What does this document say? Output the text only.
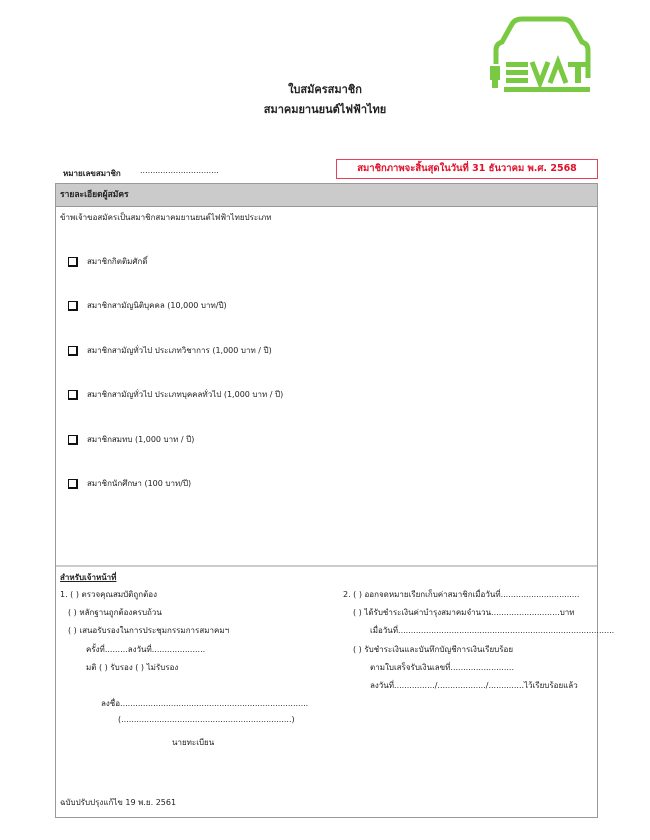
ใบสมัครสมาชิก
สมาคมยานยนต์ไฟฟ้าไทย
หมายเลขสมาชิก ...............................	สมาชิกภาพจะสิ้นสุดในวันที่ 31 ธันวาคม พ.ศ. 2568
รายละเอียดผู้สมัคร
ข้าพเจ้าขอสมัครเป็นสมาชิกสมาคมยานยนต์ไฟฟ้าไทยประเภท
สมาชิกกิตติมศักดิ์
สมาชิกสามัญนิติบุคคล (10,000 บาท/ปี)
สมาชิกสามัญทั่วไป ประเภทวิชาการ (1,000 บาท / ปี)
สมาชิกสามัญทั่วไป ประเภทบุคคลทั่วไป (1,000 บาท / ปี)
สมาชิกสมทบ (1,000 บาท / ปี)
สมาชิกนักศึกษา (100 บาท/ปี)
สำหรับเจ้าหน้าที่
1. ( ) ตรวจคุณสมบัติถูกต้อง
( ) หลักฐานถูกต้องครบถ้วน
( ) เสนอรับรองในการประชุมกรรมการสมาคมฯ
ครั้งที่.........ลงวันที่.....................
มติ ( ) รับรอง ( ) ไม่รับรอง
ลงชื่อ..........................................................................
(...................................................................)
นายทะเบียน
2. ( ) ออกจดหมายเรียกเก็บค่าสมาชิกเมื่อวันที่...............................
( ) ได้รับชำระเงินค่าบำรุงสมาคมจำนวน...........................บาท
เมื่อวันที่.....................................................................................
( ) รับชำระเงินและบันทึกบัญชีการเงินเรียบร้อย
ตามใบเสร็จรับเงินเลขที่.........................
ลงวันที่................/.................../..............ไว้เรียบร้อยแล้ว
ฉบับปรับปรุงแก้ไข 19 พ.ย. 2561
